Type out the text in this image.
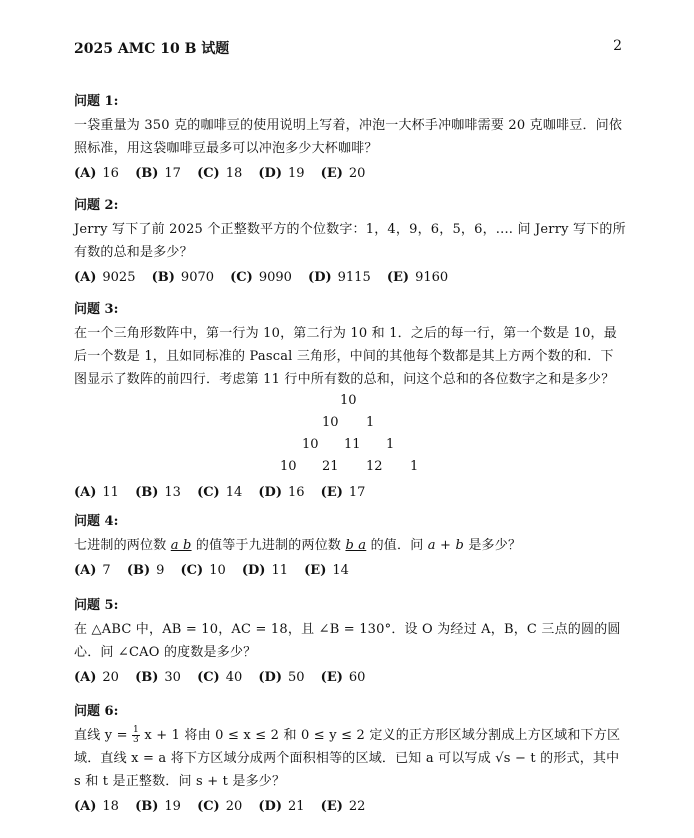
2025 AMC 10 B 试题	2
问题 1:
一袋重量为 350 克的咖啡豆的使用说明上写着，冲泡一大杯手冲咖啡需要 20 克咖啡豆．问依照标准，用这袋咖啡豆最多可以冲泡多少大杯咖啡？
(A) 16 (B) 17 (C) 18 (D) 19 (E) 20
问题 2:
Jerry 写下了前 2025 个正整数平方的个位数字：1，4，9，6，5，6，.... 问 Jerry 写下的所有数的总和是多少？
(A) 9025 (B) 9070 (C) 9090 (D) 9115 (E) 9160
问题 3:
在一个三角形数阵中，第一行为 10，第二行为 10 和 1．之后的每一行，第一个数是 10，最后一个数是 1，且如同标准的 Pascal 三角形，中间的其他每个数都是其上方两个数的和．下图显示了数阵的前四行．考虑第 11 行中所有数的总和，问这个总和的各位数字之和是多少？
10
10 1
10 11 1
10 21 12 1
(A) 11 (B) 13 (C) 14 (D) 16 (E) 17
问题 4:
七进制的两位数 a b 的值等于九进制的两位数 b a 的值．问 a + b 是多少？
(A) 7 (B) 9 (C) 10 (D) 11 (E) 14
问题 5:
在 △ABC 中，AB = 10，AC = 18，且 ∠B = 130°．设 O 为经过 A，B，C 三点的圆的圆心．问 ∠CAO 的度数是多少？
(A) 20 (B) 30 (C) 40 (D) 50 (E) 60
问题 6:
直线 $y = \frac{1}{3}$ x + 1 将由 0 ≤ x ≤ 2 和 0 ≤ y ≤ 2 定义的正方形区域分割成上方区域和下方区域．直线 x = a 将下方区域分成两个面积相等的区域．已知 a 可以写成 √s − t 的形式，其中 s 和 t 是正整数．问 s + t 是多少？
(A) 18 (B) 19 (C) 20 (D) 21 (E) 22
